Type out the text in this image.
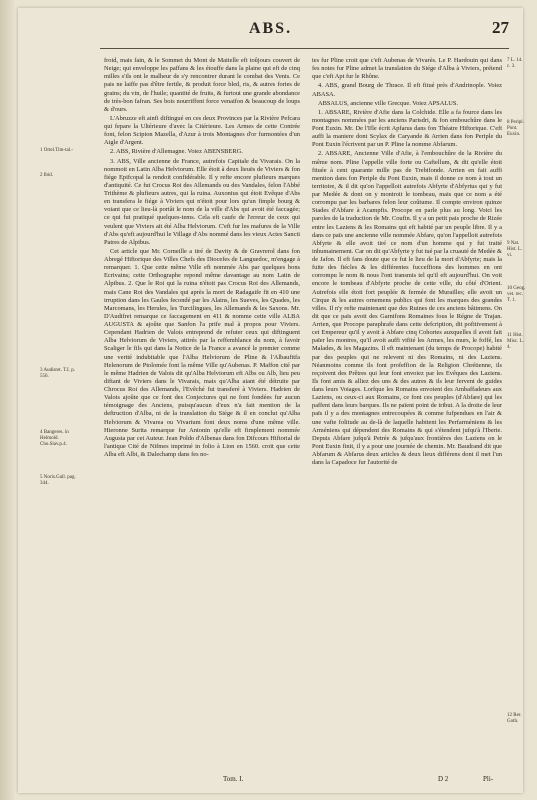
ABS.	27
1 Ortel.Tim-tal.-
2 Ibid.
3 Audisret. T.I. p. 556.
4 Bangeres. in Helmold. Cho.Slav.p.4.
5 Noris.Gall. pag. 344.

froid, mais fain, & le Sommet du Mont de Maitelle eft toûjours couvert de Neige; qui enveloppe les paffans & les étouffe dans la plaine qui eft de cinq milles s'ils ont le malheur de s'y rencontrer durant le combat des Vents. Ce pais ne laiffe pas d'être fertile, & produit force bled, ris, & autres fortes de grains; du vin, de l'huile; quantité de fruits, & furtout une grande abondance de très-bon fafran. Ses bois nourriffent force venaifon & beaucoup de loups & d'ours.

L'Abruzze eft ainfi diftingué en ces deux Provinces par la Rivière Pefcara qui fepare la Ultérieure d'avec la Citérieure. Les Armes de cette Contrée font, felon Scipion Mazella, d'Azur à trois Montagnes d'or furmontées d'un Aigle d'Argent.

2. ABS, Rivière d'Allemagne. Voiez ABENSBERG.

3. ABS, Ville ancienne de France, autrefois Capitale du Vivarais. On la nommoit en Latin Alba Helviorum. Elle étoit à deux lieuës de Viviers & fon fiége Epifcopal la rendoit confidérable. Il y refte encore plufieurs marques d'antiquité. Ce fut Crocus Roi des Allemands ou des Vandales, felon l'Abbé Trithème & plufieurs autres, qui la ruina. Auxonius qui étoit Evêque d'Abs en transfera le fiége à Viviers qui n'étoit pour lors qu'un fimple bourg & voiant que ce lieu-là portât le nom de la ville d'Abs qui avoit été faccagée; ce qui fut pratiqué quelques-tems. Cela eft caufe de l'erreur de ceux qui veulent que Viviers ait été Alba Helviorum. C'eft fur les mafures de la Ville d'Abs qu'eft aujourd'hui le Village d'Abs nommé dans les vieux Actes Sancti Patres de Alpibus.

Cet article que Mr. Corneille a tiré de Davity & de Gravrerol dans fon Abregé Hiftorique des Villes Chefs des Diocefes de Languedoc, m'engage à remarquer. 1. Que cette même Ville eft nommée Abs par quelques bons Ecrivains; cette Orthographe repond même davantage au nom Latin de Alpibus. 2. Que le Roi qui la ruina n'étoit pas Crocus Roi des Allemands, mais Cane Roi des Vandales qui après la mort de Radagaife fit en 410 une irruption dans les Gaules fecondé par les Alains, les Sueves, les Quades, les Marcomans, les Herules, les Turcilingues, les Allemands & les Saxons. Mr. D'Audifret remarque ce faccagement en 411 & nomme cette ville ALBA AUGUSTA & ajoûte que Sanfon l'a prife mal à propos pour Viviers. Cependant Hadrien de Valois entreprend de refuter ceux qui diftinguent Alba Helviorum de Viviers, attirés par la reffemblance du nom, à favoir Scaliger le fils qui dans la Notice de la France a avancé le premier comme une verité indubitable que l'Alba Helviorum de Pline & l'Albaufitfa Helenorum de Ptolomée font la même Ville qu'Aubenas. P. Maffon cité par le même Hadrien de Valois dit qu'Alba Helviorum eft Albs ou Alb, lieu peu diftant de Viviers dans le Vivarais, mais qu'Alba aiant été détruite par Chrocus Roi des Allemands, l'Evêché fut transferé à Viviers. Hadrien de Valois ajoûte que ce font des Conjectures qui ne font fondées fur aucun témoignage des Anciens, puisqu'aucun d'eux n'a fait mention de la deftruction d'Alba, ni de la translation du Siége & il en conclut qu'Alba Helviorum & Vivarea ou Vivarium font deux noms d'une même ville. Hieronne Surita remarque fur Antonin qu'elle eft fimplement nommée Augusta par cet Auteur. Jean Poldo d'Albenas dans fon Difcours Hiftorial de l'antique Cité de Nifmes imprimé in folio à Lion en 1560. croit que cette Alba eft Albi, & Dalechamp dans fes no-

tes fur Pline croit que c'eft Aubenas de Vivarès. Le P. Hardouin qui dans fes notes fur Pline admet la translation du Siége d'Alba à Viviers, prétend que c'eft Apt fur le Rhône.

4. ABS, grand Bourg de Thrace. Il eft fitué près d'Andrinople. Voiez ABASA.

ABSALUS, ancienne ville Grecque. Voiez APSALUS.

1. ABSARE, Rivière d'Afie dans la Colchide. Elle a fa fource dans les montagnes nommées par les anciens Parisdri, & fon embouchûre dans le Pont Euxin. Mr. De l'Ifle écrit Apfarus dans fon Théatre Hiftorique. C'eft auffi la maniere dont Scylax de Caryande & Arrien dans fon Periple du Pont Euxin l'écrivent par un P. Pline la nomme Abfarum.

2. ABSARE, Ancienne Ville d'Afie, à l'embouchûre de la Rivière du même nom. Pline l'appelle ville forte ou Caftellum, & dit qu'elle étoit fituée à cent quarante mille pas de Trebifonde. Arrien en fait auffi mention dans fon Periple du Pont Euxin, mais il donne ce nom à tout un territoire, & il dit qu'on l'appelloit autrefois Abfyrte d'Abfyrtus qui y fut par Medée & dont on y montroit le tombeau, mais que ce nom a été corrompu par les barbares felon leur coûtume. Il compte environ quinze Stades d'Abfare à Acampfis. Procope en parle plus au long. Voici les paroles de la traduction de Mr. Coufin. Il y a un petit pais proche de Rizée entre les Laziens & les Romains qui eft habité par un peuple libre. Il y a dans ce païs une ancienne ville nommée Abfare, qu'on l'appelloit autrefois Abfyrte & elle avoit tiré ce nom d'un homme qui y fut traité inhumainement. Car on dit qu'Abfyrte y fut tué par la cruauté de Medée & de Jafon. Il eft fans doute que ce fut le lieu de la mort d'Abfyrte; mais la fuite des fiécles & les différentes fucceffions des hommes en ont corrompu le nom & nous l'ont transmis tel qu'il eft aujourd'hui. On voit encore le tombeau d'Abfyrte proche de cette ville, du côté d'Orient. Autrefois elle étoit fort peuplée & fermée de Murailles; elle avoit un Cirque & les autres ornemens publics qui font les marques des grandes villes. Il n'y refte maintenant que des Ruines de ces anciens bâtimens. On dit que ce païs avoit des Garnifons Romaines fous le Régne de Trajan. Arrien, que Procope paraphrafe dans cette defcription, dit pofitivement à cet Empereur qu'il y avoit à Abfare cinq Cohortes auxquelles il avoit fait païer les montres, qu'il avoit auffi vifité les Armes, les murs, le foffé, les Malades, & les Magazins. Il eft maintenant (du temps de Procope) habité par des peuples qui ne relevent ni des Romains, ni des Laziens. Néanmoins comme ils font profeffion de la Religion Chrétienne, ils reçoivent des Prêtres qui leur font envoiez par les Evêques des Laziens. Ils font amis & alliez des uns & des autres & ils leur fervent de guides dans leurs Voiages. Lorfque les Romains envoient des Ambaffadeurs aux Laziens, ou ceux-ci aux Romains, ce font ces peuples (d'Abfare) qui les paffent dans leurs barques. Ils ne païent point de tribut. A la droite de leur païs il y a des montagnes entrecoupées & comme fufpendues en l'air & une vafte folitude au de-là de laquelle habitent les Perfarméniens & les Arméniens qui dépendent des Romains & qui s'étendent jufqu'à l'Iberie. Depuis Abfare jufqu'à Petrée & jufqu'aux frontières des Laziens on le Pont Euxin finit, il y a pour une journée de chemin. Mr. Baudrand dit que Abfarum & Abfarus deux articles & deux lieux différens dont il met l'un dans la Capadoce fur l'autorité de

7 L. 14. c. 3.
8 Peripl. Pont. Euxin.
9 Nat. Hist. L. vi.
10 Geog. vet. rec. T. 1.
11 Hist. Misc. L. 4.
12 Rer. Goth.
Tom. I.	D 2	Pli-
